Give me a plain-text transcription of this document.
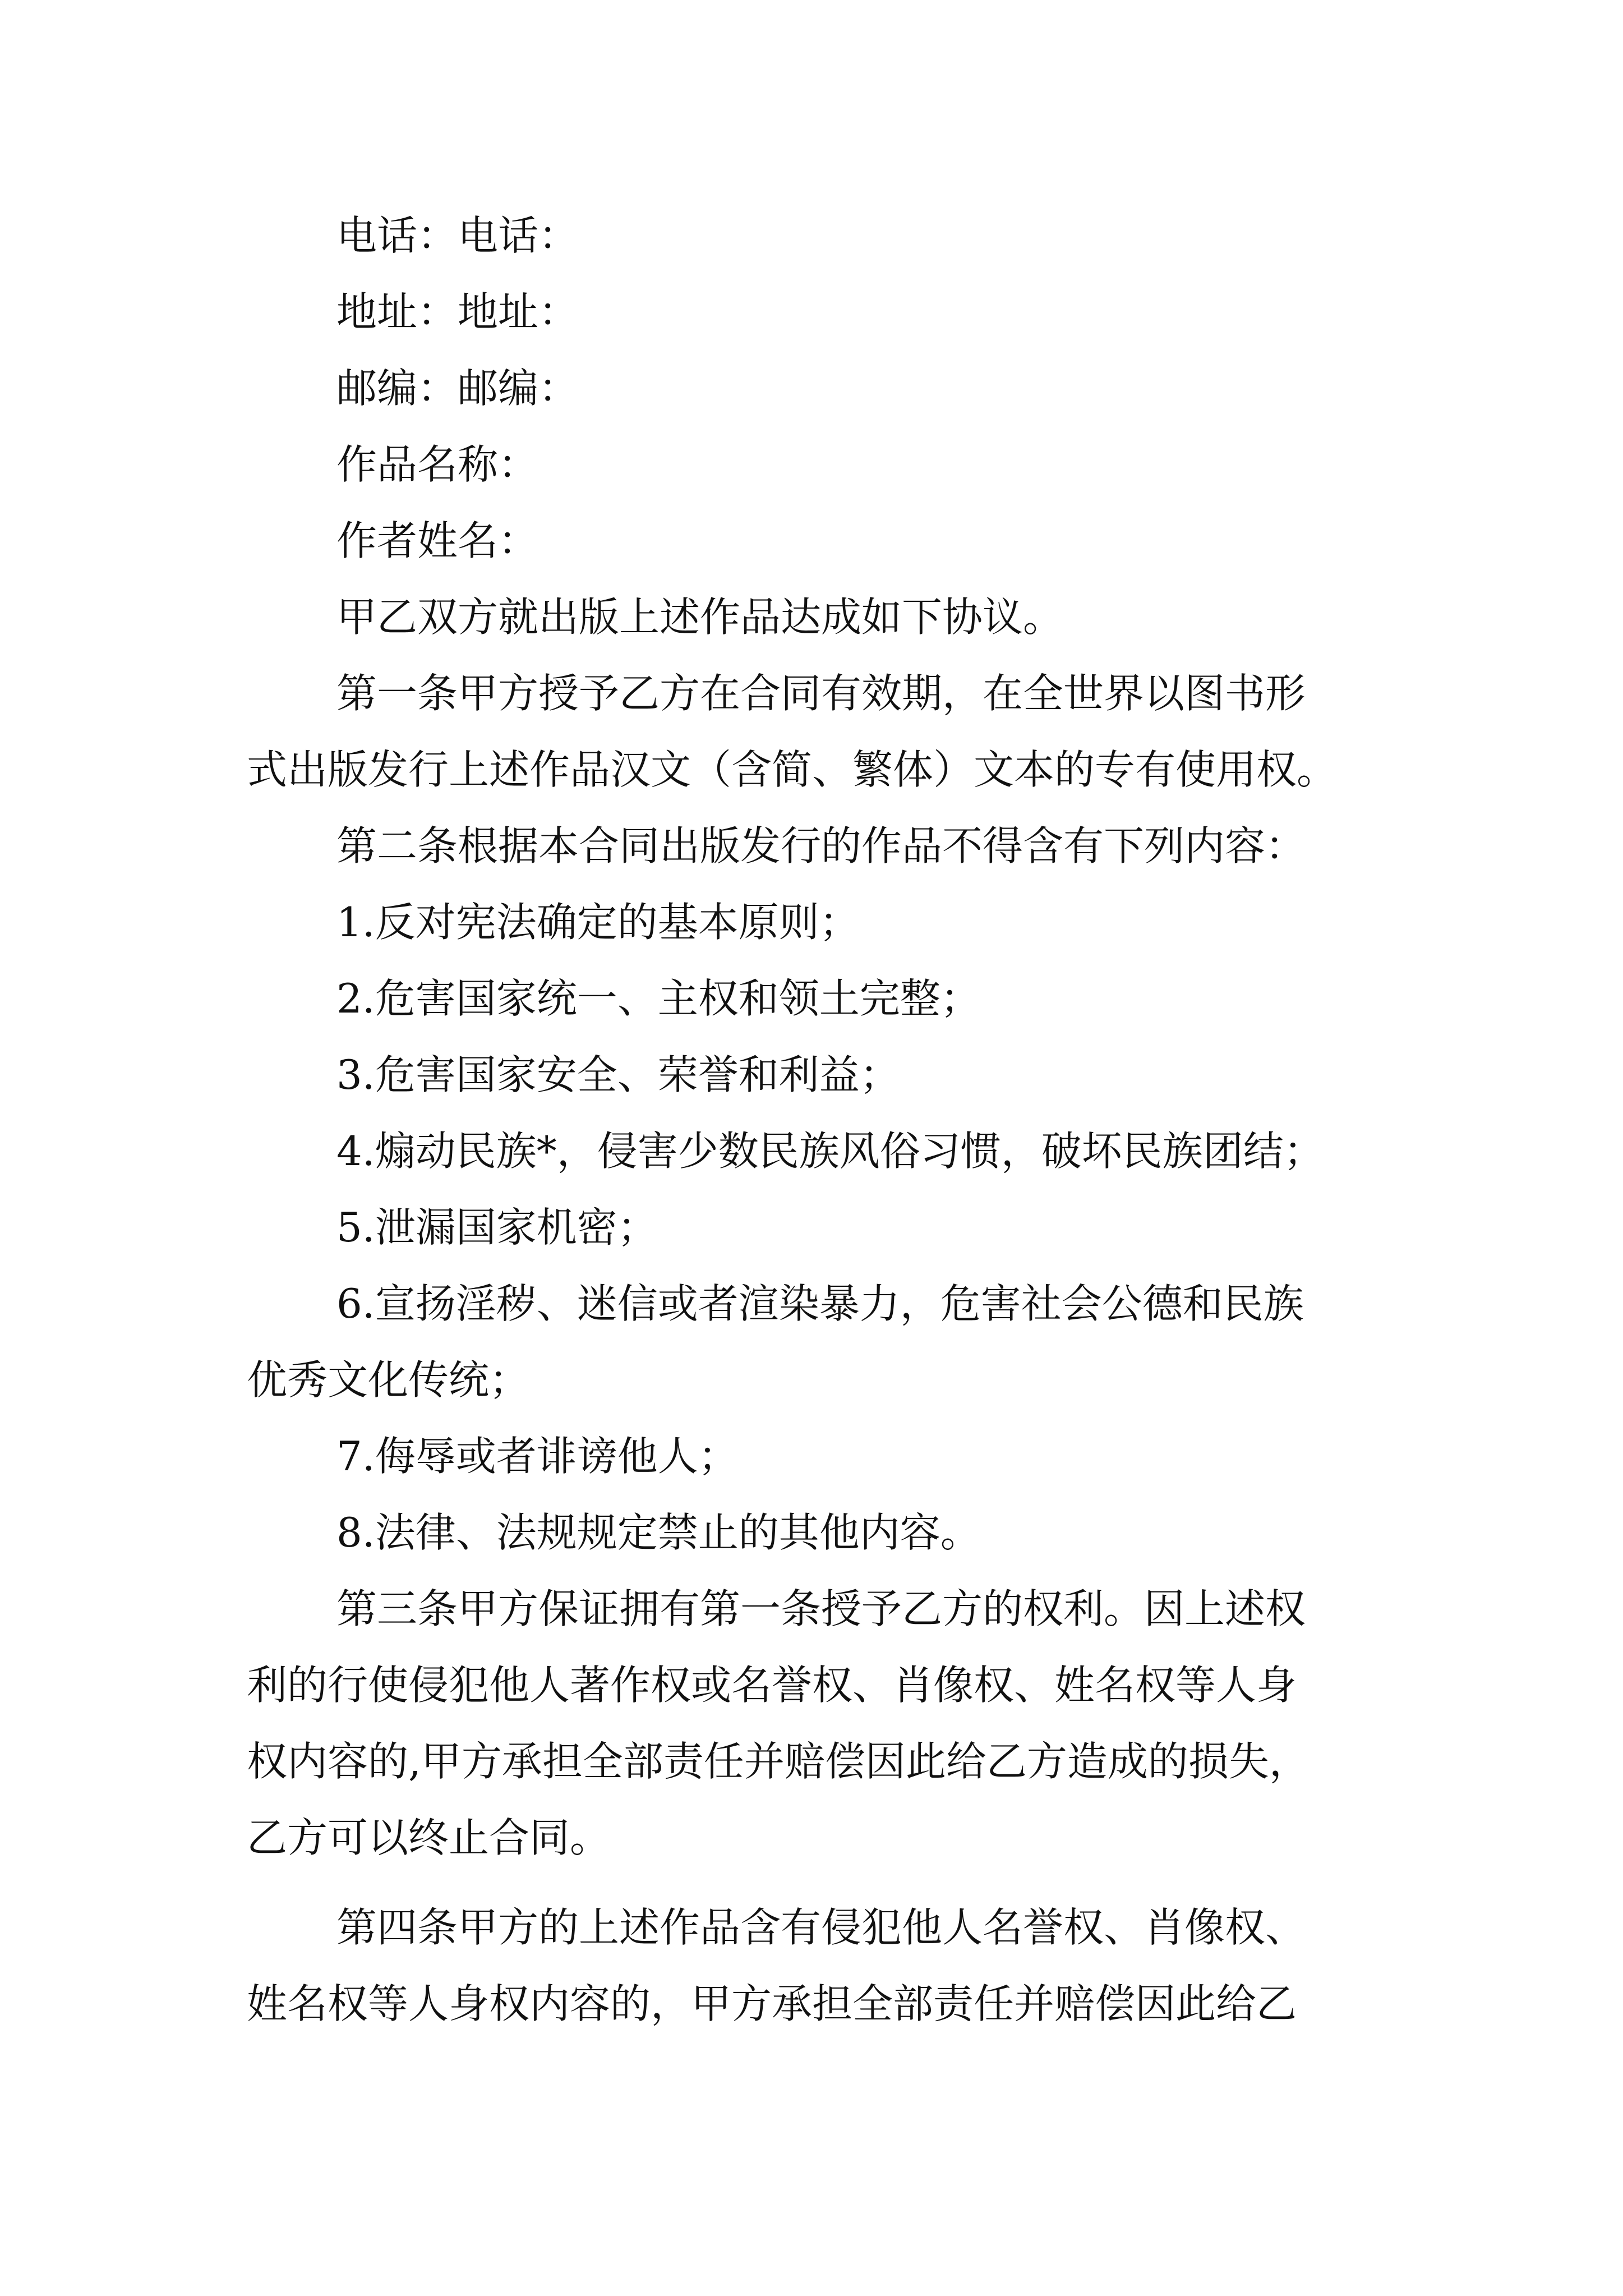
电话：电话：
地址：地址：
邮编：邮编：
作品名称：
作者姓名：
甲乙双方就出版上述作品达成如下协议。
第一条甲方授予乙方在合同有效期，在全世界以图书形
式出版发行上述作品汉文（含简、繁体）文本的专有使用权。
第二条根据本合同出版发行的作品不得含有下列内容：
1.反对宪法确定的基本原则；
2.危害国家统一、主权和领土完整；
3.危害国家安全、荣誉和利益；
4.煽动民族*，侵害少数民族风俗习惯，破坏民族团结；
5.泄漏国家机密；
6.宣扬淫秽、迷信或者渲染暴力，危害社会公德和民族
优秀文化传统；
7.侮辱或者诽谤他人；
8.法律、法规规定禁止的其他内容。
第三条甲方保证拥有第一条授予乙方的权利。因上述权
利的行使侵犯他人著作权或名誉权、肖像权、姓名权等人身
权内容的,甲方承担全部责任并赔偿因此给乙方造成的损失，
乙方可以终止合同。
第四条甲方的上述作品含有侵犯他人名誉权、肖像权、
姓名权等人身权内容的，甲方承担全部责任并赔偿因此给乙
